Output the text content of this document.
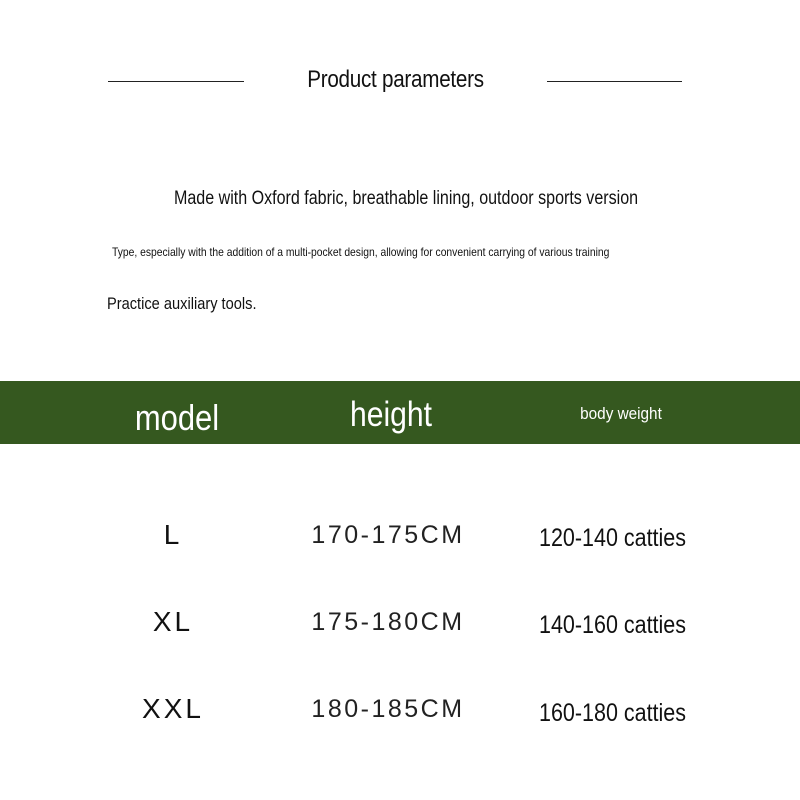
Product parameters
Made with Oxford fabric, breathable lining, outdoor sports version
Type, especially with the addition of a multi-pocket design, allowing for convenient carrying of various training
Practice auxiliary tools.
model	height	body weight
L	170-175CM	120-140 catties
XL	175-180CM	140-160 catties
XXL	180-185CM	160-180 catties
